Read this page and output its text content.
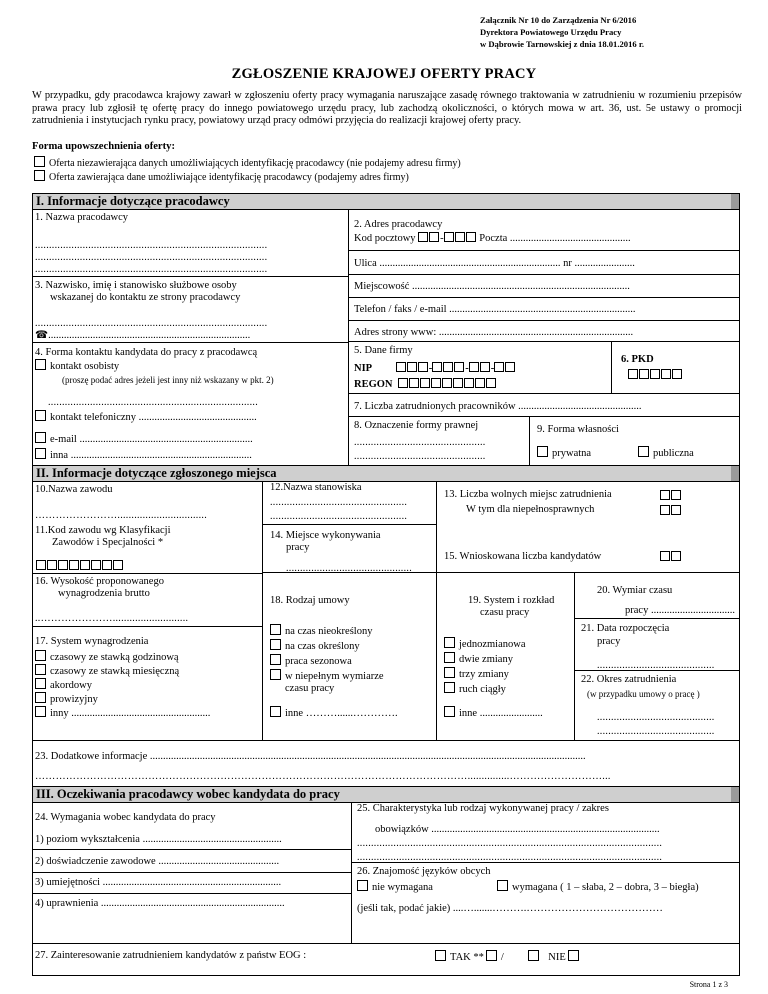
Załącznik Nr 10 do Zarządzenia Nr 6/2016
Dyrektora Powiatowego Urzędu Pracy
w Dąbrowie Tarnowskiej z dnia 18.01.2016 r.
ZGŁOSZENIE KRAJOWEJ OFERTY PRACY
W przypadku, gdy pracodawca krajowy zawarł w zgłoszeniu oferty pracy wymagania naruszające zasadę równego traktowania w zatrudnieniu w rozumieniu przepisów prawa pracy lub zgłosił tę ofertę pracy do innego powiatowego urzędu pracy, lub zachodzą okoliczności, o których mowa w art. 36, ust. 5e ustawy o promocji zatrudnienia i instytucjach rynku pracy, powiatowy urząd pracy odmówi przyjęcia do realizacji krajowej oferty pracy.
Forma upowszechnienia oferty:
Oferta niezawierająca danych umożliwiających identyfikację pracodawcy (nie podajemy adresu firmy)
Oferta zawierająca dane umożliwiające identyfikację pracodawcy (podajemy adres firmy)
I. Informacje dotyczące pracodawcy
1. Nazwa pracodawcy
...................................................................................
...................................................................................
...................................................................................
3. Nazwisko, imię i stanowisko służbowe osoby
wskazanej do kontaktu ze strony pracodawcy
...................................................................................
☎.............................................................................
4. Forma kontaktu kandydata do pracy z pracodawcą
kontakt osobisty
(proszę podać adres jeżeli jest inny niż wskazany w pkt. 2)
...........................................................................
kontakt telefoniczny .............................................
e-mail ..................................................................
inna .....................................................................
2. Adres pracodawcy
Kod pocztowy -	Poczta ..............................................
Ulica ..................................................................... nr .......................
Miejscowość ...................................................................................
Telefon / faks / e-mail .......................................................................
Adres strony www: ..........................................................................
5. Dane firmy
NIP	-	- -
REGON
6. PKD
7. Liczba zatrudnionych pracowników ...............................................
8. Oznaczenie formy prawnej
...............................................
...............................................
9. Forma własności
prywatna	publiczna
II. Informacje dotyczące zgłoszonego miejsca
10.Nazwa zawodu
……………………................................
11.Kod zawodu wg Klasyfikacji
Zawodów i Specjalności *
16. Wysokość proponowanego
wynagrodzenia brutto
..…………………...........................
17. System wynagrodzenia
czasowy ze stawką godzinową
czasowy ze stawką miesięczną
akordowy
prowizyjny
inny .....................................................
12.Nazwa stanowiska
.................................................
.................................................
14. Miejsce wykonywania
pracy
.............................................
13. Liczba wolnych miejsc zatrudnienia
W tym dla niepełnosprawnych
15. Wnioskowana liczba kandydatów
18. Rodzaj umowy
na czas nieokreślony
na czas określony
praca sezonowa
w niepełnym wymiarze
czasu pracy
inne ………......………….
19. System i rozkład
czasu pracy
jednozmianowa
dwie zmiany
trzy zmiany
ruch ciągły
inne ........................
20. Wymiar czasu
pracy ................................
21. Data rozpoczęcia
pracy
..........................................
22. Okres zatrudnienia
(w przypadku umowy o pracę )
..........................................
..........................................
23. Dodatkowe informacje ......................................................................................................................................................................
………………………………………………………………………………………………………………...............………………………...
III. Oczekiwania pracodawcy wobec kandydata do pracy
24. Wymagania wobec kandydata do pracy
1) poziom wykształcenia .....................................................
2) doświadczenie zawodowe ..............................................
3) umiejętności ....................................................................
4) uprawnienia ......................................................................
25. Charakterystyka lub rodzaj wykonywanej pracy / zakres
obowiązków .......................................................................................
.............................................................................................................
.............................................................................................................
26. Znajomość języków obcych
nie wymagana	wymagana ( 1 – słaba, 2 – dobra, 3 – biegła)
(jeśli tak, podać jakie) ....….......……….…………………………………
27. Zainteresowanie zatrudnieniem kandydatów z państw EOG :	TAK ** /	NIE
Strona 1 z 3
